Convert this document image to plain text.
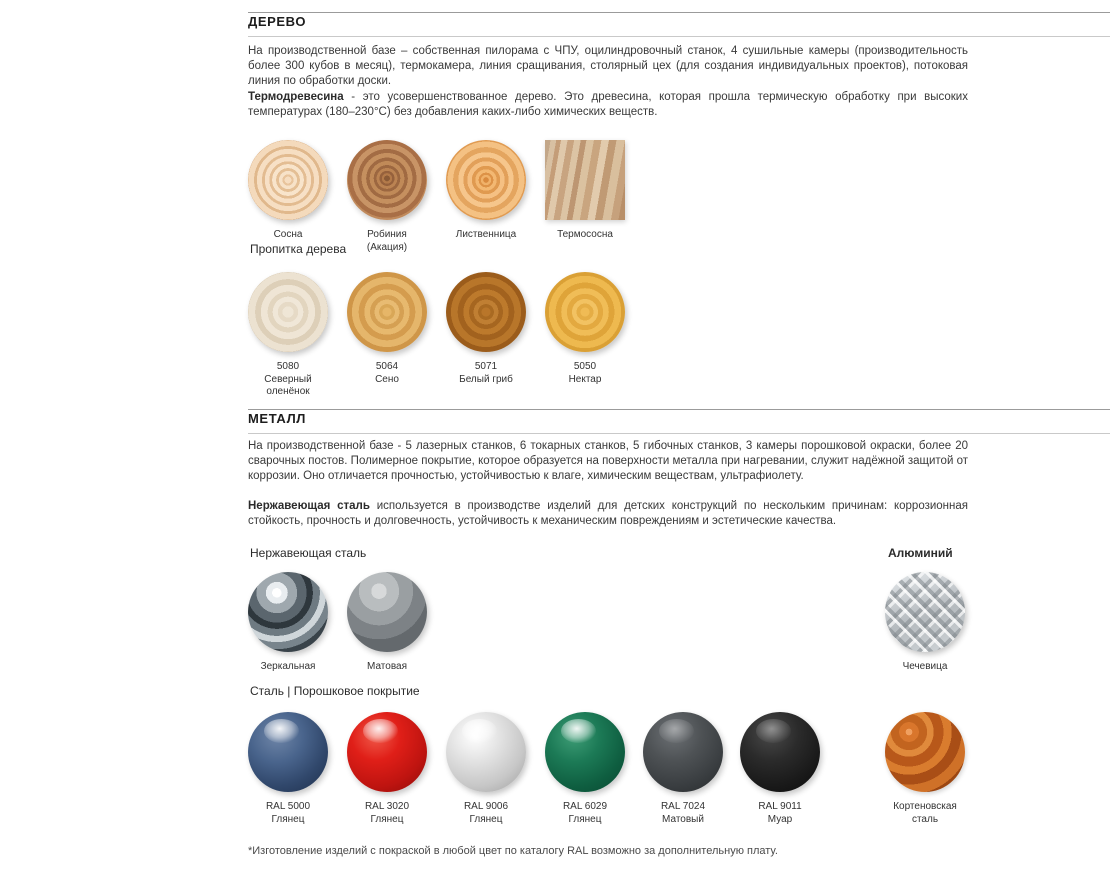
ДЕРЕВО
На производственной базе – собственная пилорама с ЧПУ, оцилиндровочный станок, 4 сушильные камеры (производительность более 300 кубов в месяц), термокамера, линия сращивания, столярный цех (для создания индивидуальных проектов), потоковая линия по обработки доски.
Термодревесина - это усовершенствованное дерево. Это древесина, которая прошла термическую обработку при высоких температурах (180–230°С) без добавления каких-либо химических веществ.
Сосна	Робиния (Акация)
Лиственница	Термососна
Пропитка дерева
5080
Северный оленёнок
5064
Сено
5071
Белый гриб
5050
Нектар
МЕТАЛЛ
На производственной базе - 5 лазерных станков, 6 токарных станков, 5 гибочных станков, 3 камеры порошковой окраски, более 20 сварочных постов. Полимерное покрытие, которое образуется на поверхности металла при нагревании, служит надёжной защитой от коррозии. Оно отличается прочностью, устойчивостью к влаге, химическим веществам, ультрафиолету.
Нержавеющая сталь используется в производстве изделий для детских конструкций по нескольким причинам: коррозионная стойкость, прочность и долговечность, устойчивость к механическим повреждениям и эстетические качества.
Нержавеющая сталь	Алюминий
Зеркальная	Матовая	Чечевица
Сталь | Порошковое покрытие
RAL 5000
Глянец
RAL 3020
Глянец
RAL 9006
Глянец
RAL 6029
Глянец
RAL 7024
Матовый
RAL 9011
Муар
Кортеновская
сталь
*Изготовление изделий с покраской в любой цвет по каталогу RAL возможно за дополнительную плату.
